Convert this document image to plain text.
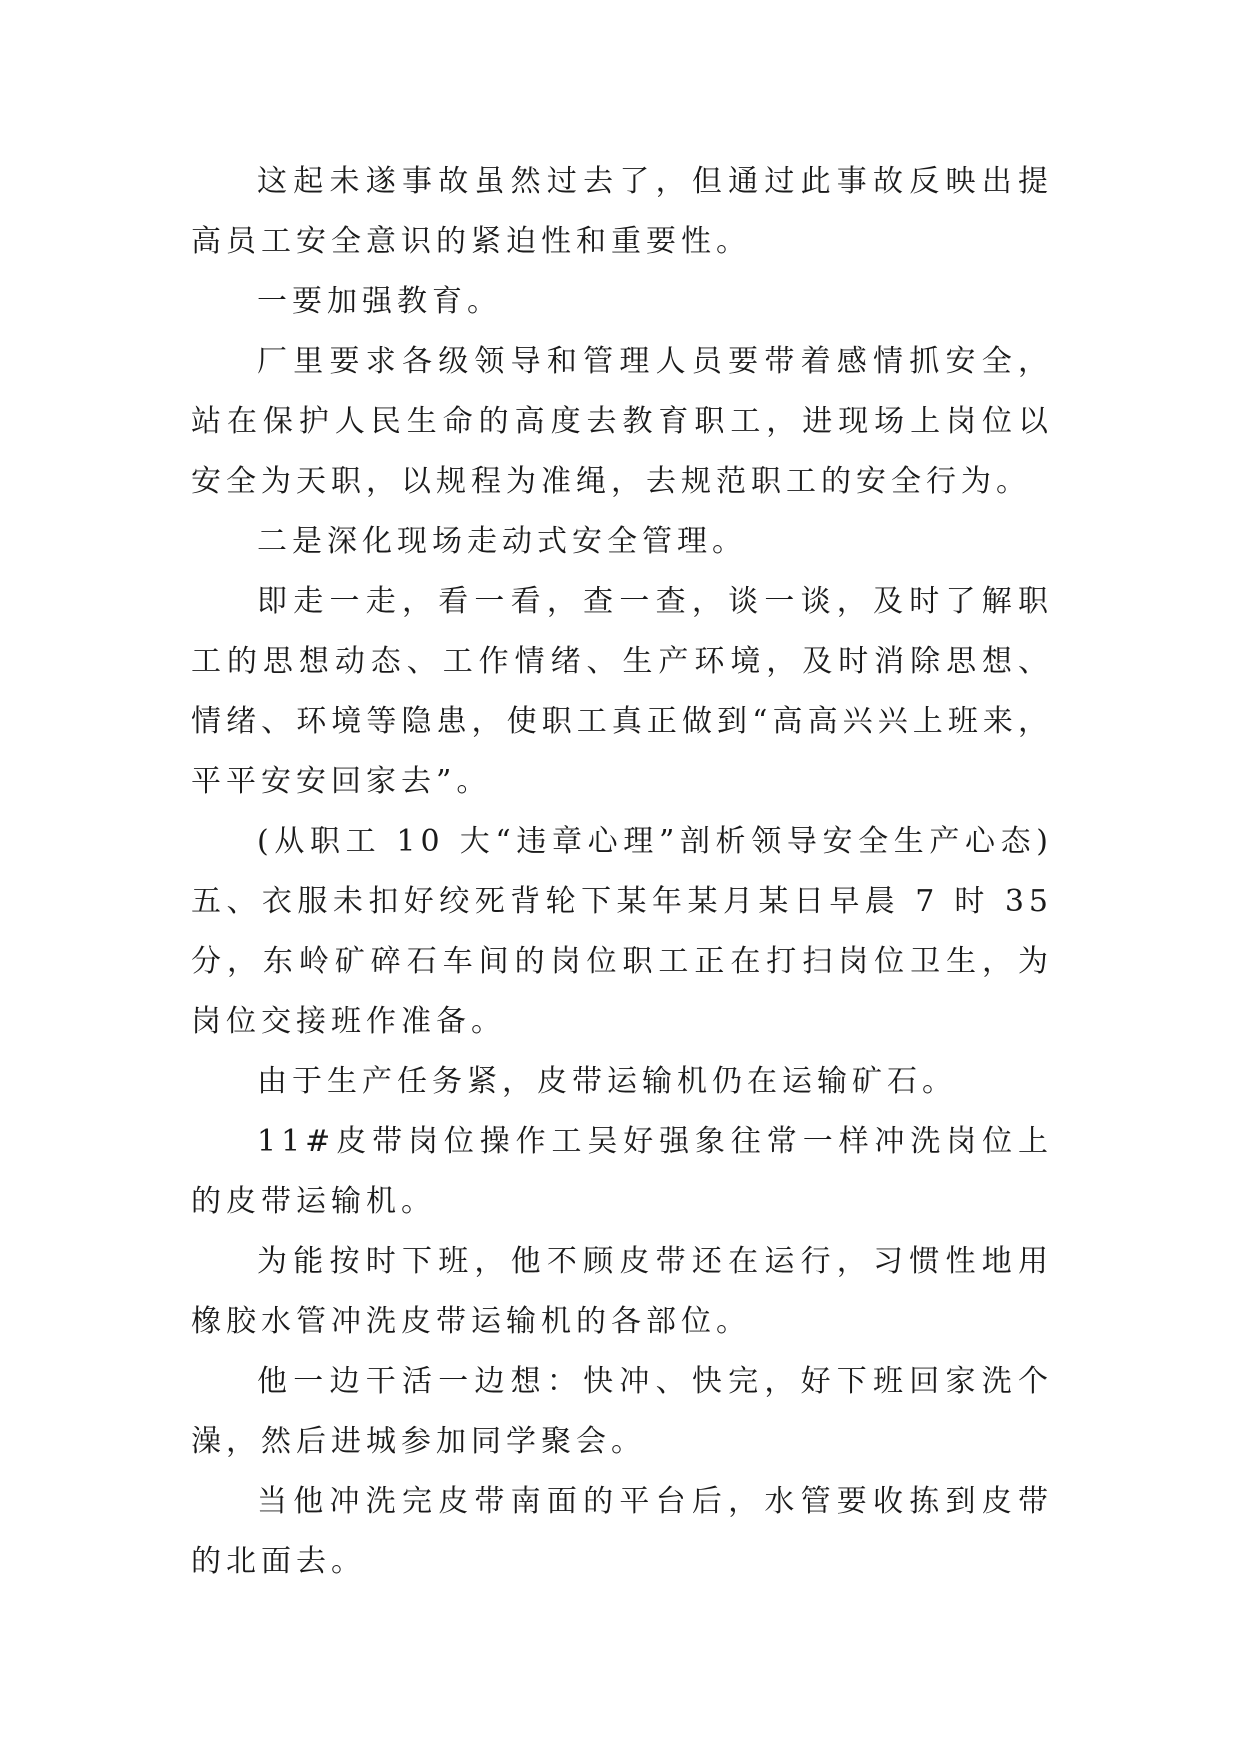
这起未遂事故虽然过去了，但通过此事故反映出提高员工安全意识的紧迫性和重要性。

一要加强教育。

厂里要求各级领导和管理人员要带着感情抓安全，站在保护人民生命的高度去教育职工，进现场上岗位以安全为天职，以规程为准绳，去规范职工的安全行为。

二是深化现场走动式安全管理。

即走一走，看一看，查一查，谈一谈，及时了解职工的思想动态、工作情绪、生产环境，及时消除思想、情绪、环境等隐患，使职工真正做到“高高兴兴上班来，平平安安回家去”。

(从职工 10 大“违章心理”剖析领导安全生产心态)五、衣服未扣好绞死背轮下某年某月某日早晨 7 时 35 分，东岭矿碎石车间的岗位职工正在打扫岗位卫生，为岗位交接班作准备。

由于生产任务紧，皮带运输机仍在运输矿石。

11#皮带岗位操作工吴好强象往常一样冲洗岗位上的皮带运输机。

为能按时下班，他不顾皮带还在运行，习惯性地用橡胶水管冲洗皮带运输机的各部位。

他一边干活一边想：快冲、快完，好下班回家洗个澡，然后进城参加同学聚会。

当他冲洗完皮带南面的平台后，水管要收拣到皮带的北面去。
